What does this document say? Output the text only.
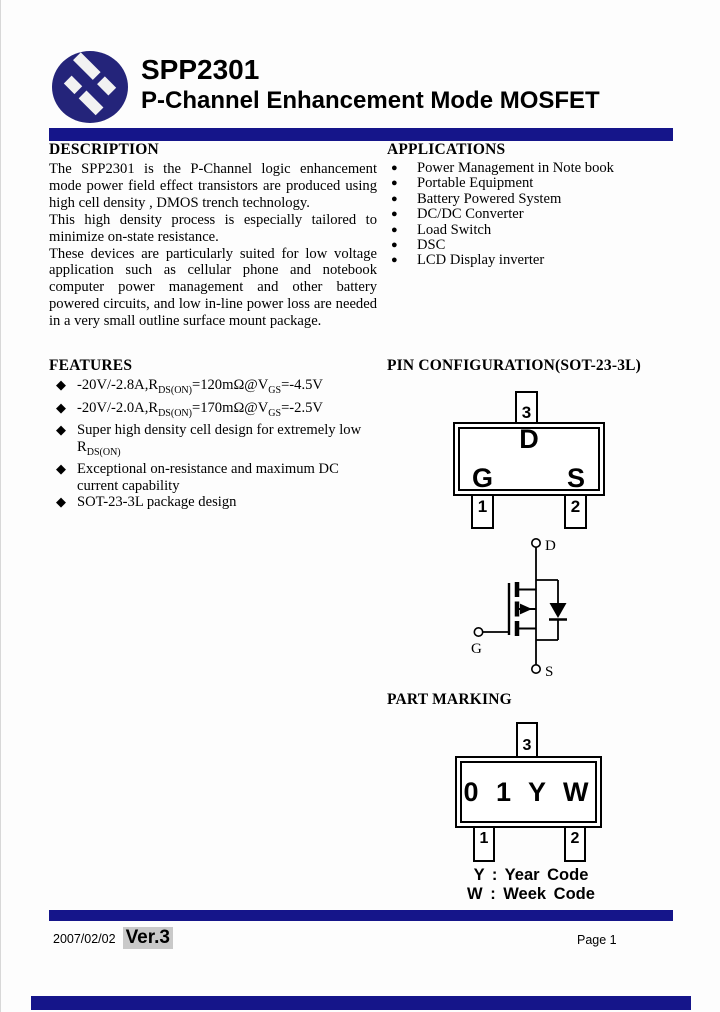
SPP2301
P-Channel Enhancement Mode MOSFET
DESCRIPTION

The SPP2301 is the P-Channel logic enhancement mode power field effect transistors are produced using high cell density , DMOS trench technology.

This high density process is especially tailored to minimize on-state resistance.

These devices are particularly suited for low voltage application such as cellular phone and notebook computer power management and other battery powered circuits, and low in-line power loss are needed in a very small outline surface mount package.

APPLICATIONS
●	Power Management in Note book
●	Portable Equipment
●	Battery Powered System
●	DC/DC Converter
●	Load Switch
●	DSC
●	LCD Display inverter
FEATURES
◆ $-20V/-2.8A,R_{DS(ON)}=120m\Omega@V_{GS}=-4.5V$
◆ $-20V/-2.0A,R_{DS(ON)}=170m\Omega@V_{GS}=-2.5V$
◆ Super high density cell design for extremely low $R_{DS(ON)}$
◆ Exceptional on-resistance and maximum DC current capability
◆ SOT-23-3L package design
PIN CONFIGURATION(SOT-23-3L)
3
D
G	S
1	2
D
G
S
PART MARKING
3
0 1 Y W
1	2
Y : Year Code
W : Week Code
2007/02/02 Ver.3	Page 1
